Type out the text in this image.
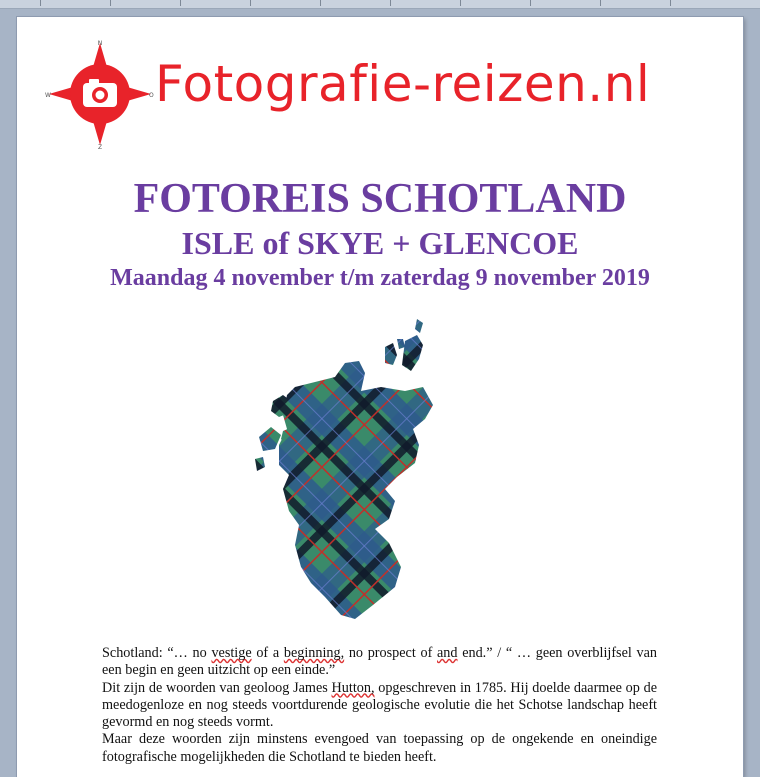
N
Z
W	O Fotografie-reizen.nl
FOTOREIS SCHOTLAND
ISLE of SKYE + GLENCOE
Maandag 4 november t/m zaterdag 9 november 2019

Schotland: “… no vestige of a beginning, no prospect of and end.” / “ … geen overblijfsel van een begin en geen uitzicht op een einde.”

Dit zijn de woorden van geoloog James Hutton, opgeschreven in 1785. Hij doelde daarmee op de meedogenloze en nog steeds voortdurende geologische evolutie die het Schotse landschap heeft gevormd en nog steeds vormt.

Maar deze woorden zijn minstens evengoed van toepassing op de ongekende en oneindige fotografische mogelijkheden die Schotland te bieden heeft.
